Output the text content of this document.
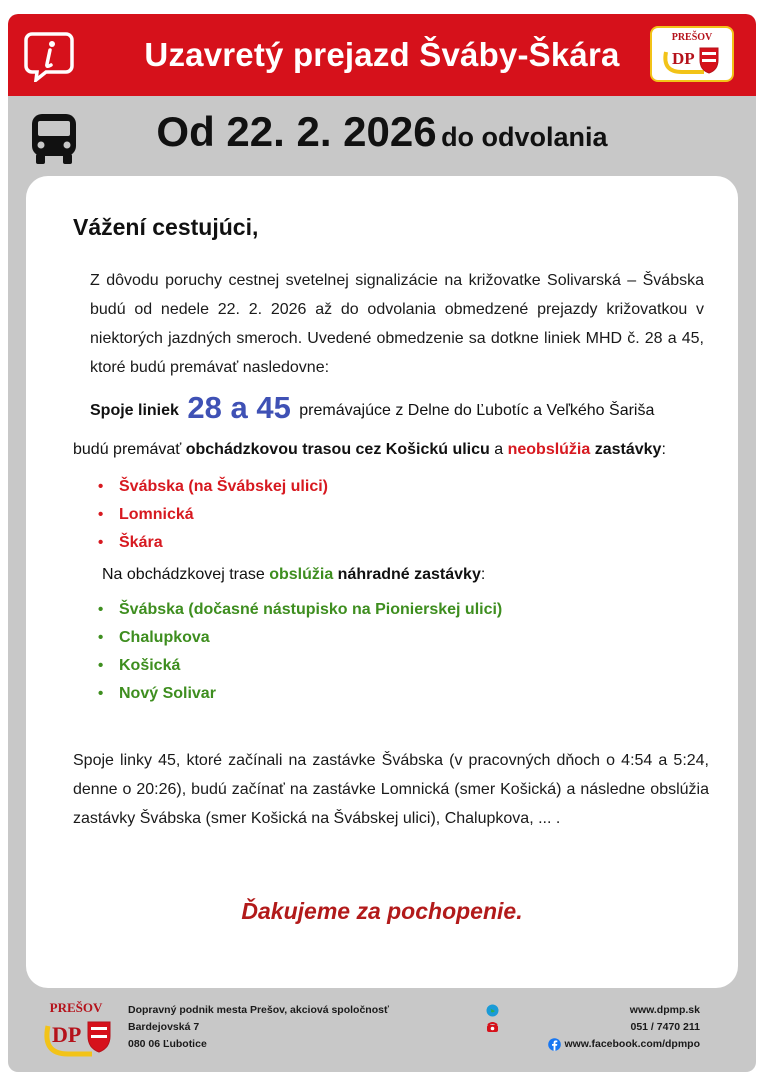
Uzavretý prejazd Šváby-Škára	PREŠOV
DP
Od 22. 2. 2026 do odvolania
Vážení cestujúci,
Z dôvodu poruchy cestnej svetelnej signalizácie na križovatke Solivarská – Švábska budú od nedele 22. 2. 2026 až do odvolania obmedzené prejazdy križovatkou v niektorých jazdných smeroch. Uvedené obmedzenie sa dotkne liniek MHD č. 28 a 45, ktoré budú premávať nasledovne:
Spoje liniek 28 a 45 premávajúce z Delne do Ľubotíc a Veľkého Šariša
budú premávať obchádzkovou trasou cez Košickú ulicu a neobslúžia zastávky:
• Švábska (na Švábskej ulici)
• Lomnická
• Škára
Na obchádzkovej trase obslúžia náhradné zastávky:
• Švábska (dočasné nástupisko na Pionierskej ulici)
• Chalupkova
• Košická
• Nový Solivar
Spoje linky 45, ktoré začínali na zastávke Švábska (v pracovných dňoch o 4:54 a 5:24, denne o 20:26), budú začínať na zastávke Lomnická (smer Košická) a následne obslúžia zastávky Švábska (smer Košická na Švábskej ulici), Chalupkova, ... .
Ďakujeme za pochopenie.
PREŠOV
DP
Dopravný podnik mesta Prešov, akciová spoločnosť
Bardejovská 7
080 06 Ľubotice
www.dpmp.sk
051 / 7470 211
www.facebook.com/dpmpo
